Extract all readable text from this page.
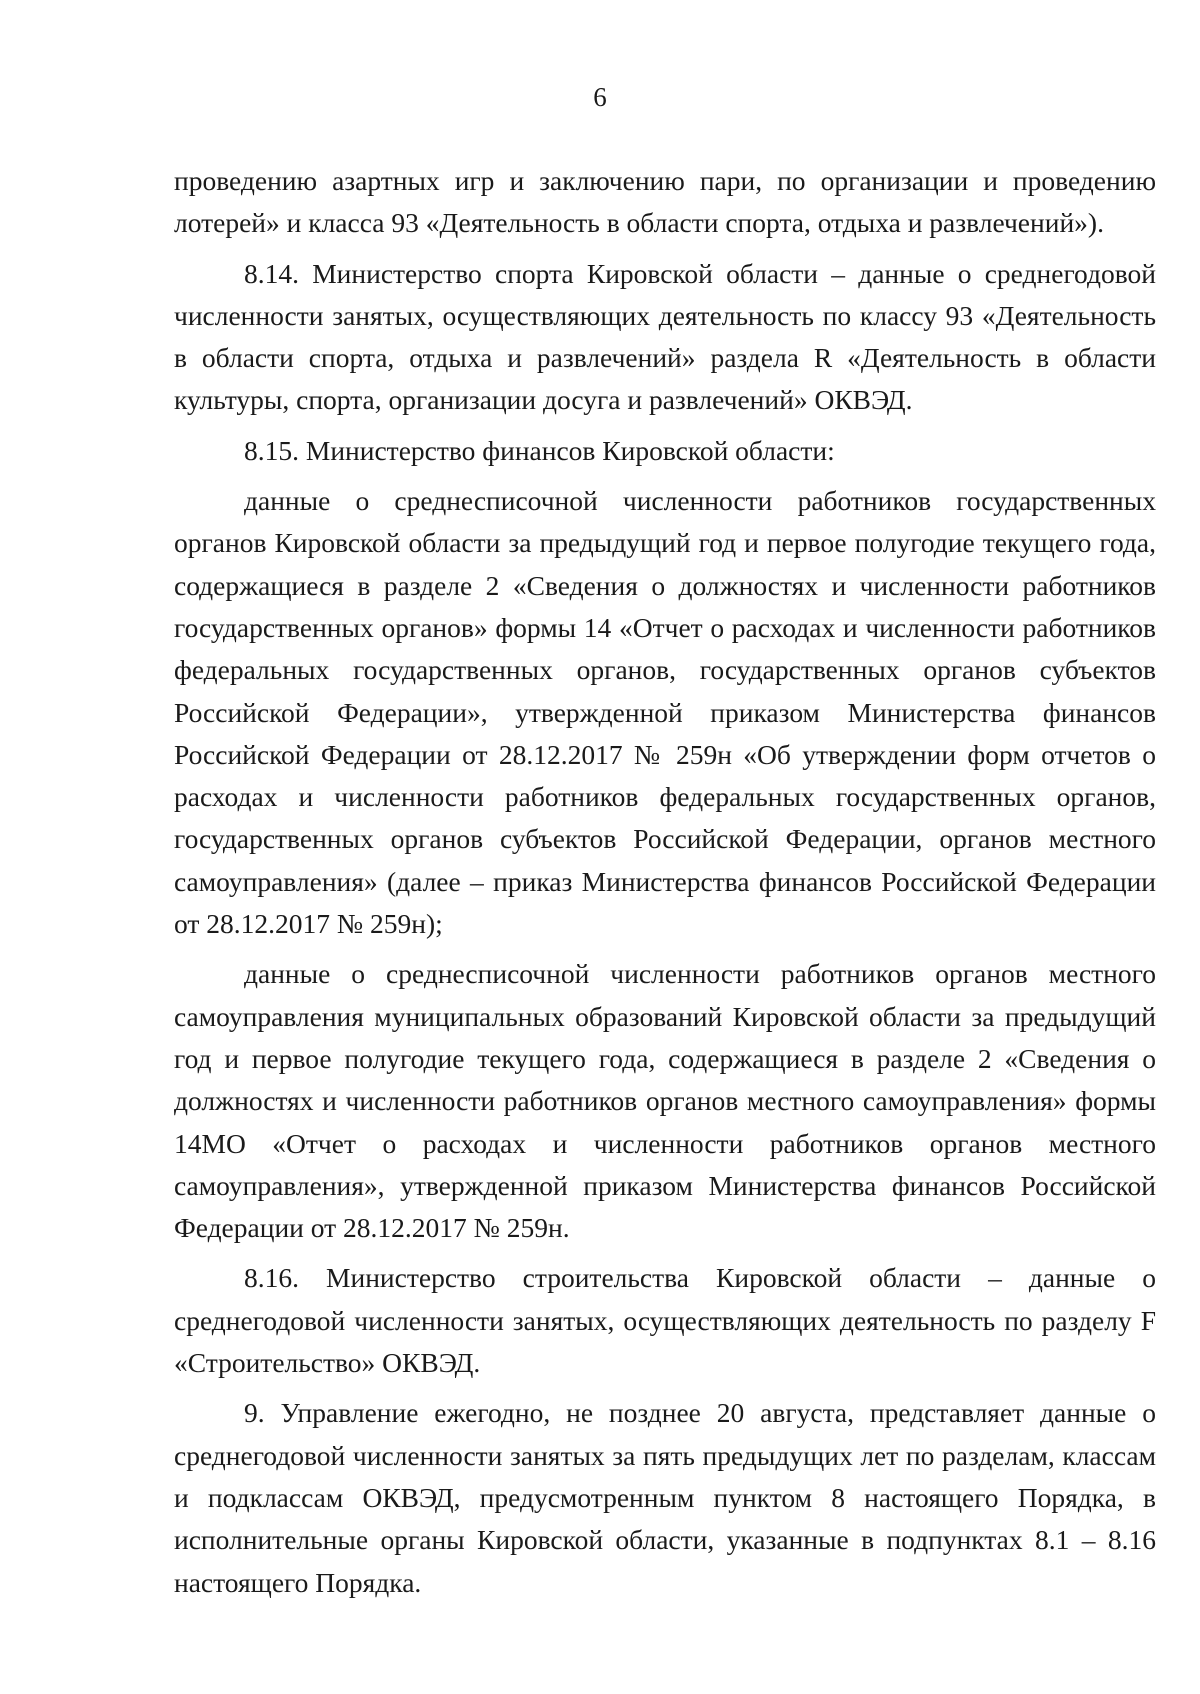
6

проведению азартных игр и заключению пари, по организации и проведению лотерей» и класса 93 «Деятельность в области спорта, отдыха и развлечений»).

8.14. Министерство спорта Кировской области – данные о среднегодовой численности занятых, осуществляющих деятельность по классу 93 «Деятельность в области спорта, отдыха и развлечений» раздела R «Деятельность в области культуры, спорта, организации досуга и развлечений» ОКВЭД.

8.15. Министерство финансов Кировской области:

данные о среднесписочной численности работников государственных органов Кировской области за предыдущий год и первое полугодие текущего года, содержащиеся в разделе 2 «Сведения о должностях и численности работников государственных органов» формы 14 «Отчет о расходах и численности работников федеральных государственных органов, государственных органов субъектов Российской Федерации», утвержденной приказом Министерства финансов Российской Федерации от 28.12.2017 № 259н «Об утверждении форм отчетов о расходах и численности работников федеральных государственных органов, государственных органов субъектов Российской Федерации, органов местного самоуправления» (далее – приказ Министерства финансов Российской Федерации от 28.12.2017 № 259н);

данные о среднесписочной численности работников органов местного самоуправления муниципальных образований Кировской области за предыдущий год и первое полугодие текущего года, содержащиеся в разделе 2 «Сведения о должностях и численности работников органов местного самоуправления» формы 14МО «Отчет о расходах и численности работников органов местного самоуправления», утвержденной приказом Министерства финансов Российской Федерации от 28.12.2017 № 259н.

8.16. Министерство строительства Кировской области – данные о среднегодовой численности занятых, осуществляющих деятельность по разделу F «Строительство» ОКВЭД.

9. Управление ежегодно, не позднее 20 августа, представляет данные о среднегодовой численности занятых за пять предыдущих лет по разделам, классам и подклассам ОКВЭД, предусмотренным пунктом 8 настоящего Порядка, в исполнительные органы Кировской области, указанные в подпунктах 8.1 – 8.16 настоящего Порядка.
